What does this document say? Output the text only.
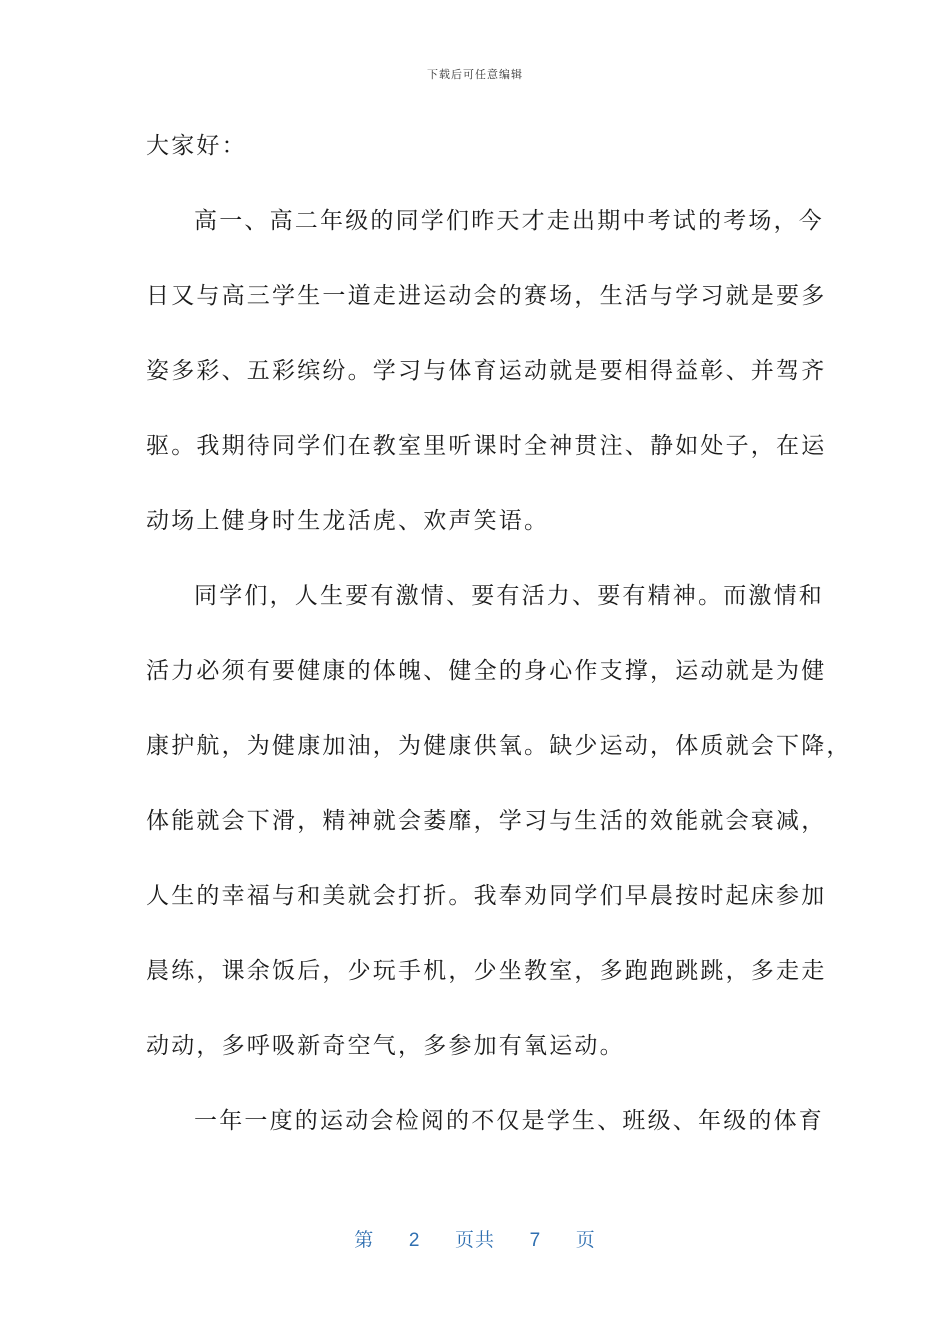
下载后可任意编辑
大家好：
高一、高二年级的同学们昨天才走出期中考试的考场，今
日又与高三学生一道走进运动会的赛场，生活与学习就是要多
姿多彩、五彩缤纷。学习与体育运动就是要相得益彰、并驾齐
驱。我期待同学们在教室里听课时全神贯注、静如处子，在运
动场上健身时生龙活虎、欢声笑语。
同学们，人生要有激情、要有活力、要有精神。而激情和
活力必须有要健康的体魄、健全的身心作支撑，运动就是为健
康护航，为健康加油，为健康供氧。缺少运动，体质就会下降，
体能就会下滑，精神就会萎靡，学习与生活的效能就会衰减，
人生的幸福与和美就会打折。我奉劝同学们早晨按时起床参加
晨练，课余饭后，少玩手机，少坐教室，多跑跑跳跳，多走走
动动，多呼吸新奇空气，多参加有氧运动。
一年一度的运动会检阅的不仅是学生、班级、年级的体育
第 2 页共 7 页
